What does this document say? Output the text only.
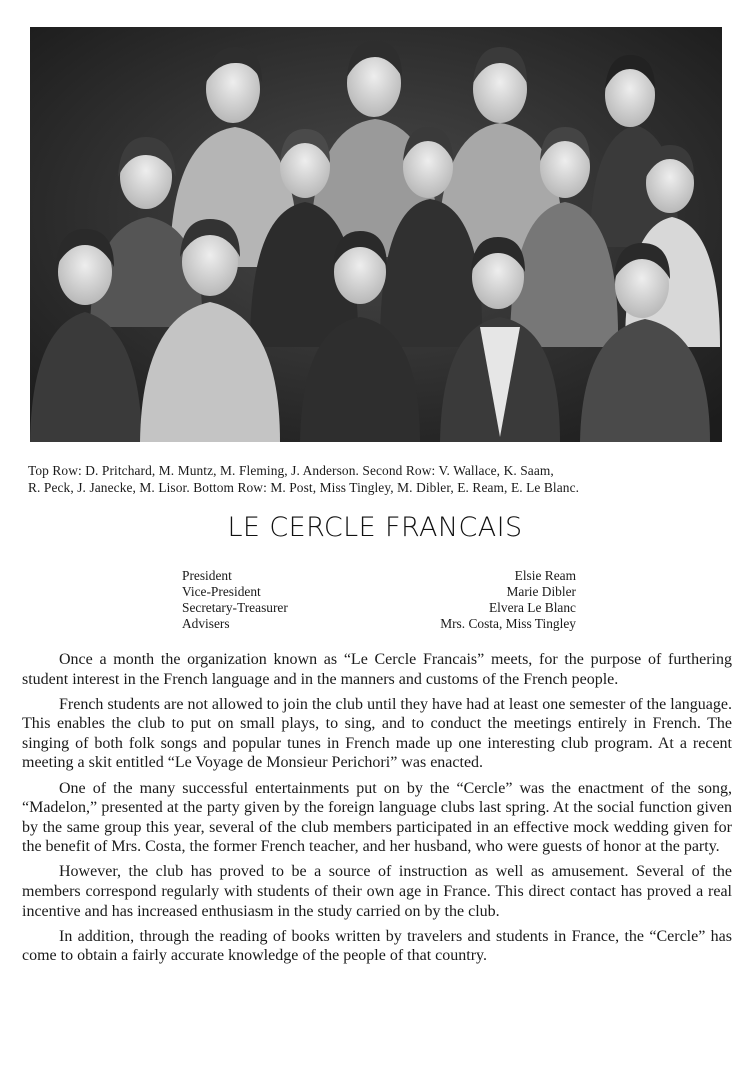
Top Row: D. Pritchard, M. Muntz, M. Fleming, J. Anderson. Second Row: V. Wallace, K. Saam,
R. Peck, J. Janecke, M. Lisor. Bottom Row: M. Post, Miss Tingley, M. Dibler, E. Ream, E. Le Blanc.
LE CERCLE FRANCAIS
President	Elsie Ream
Vice-President	Marie Dibler
Secretary-Treasurer	Elvera Le Blanc
Advisers	Mrs. Costa, Miss Tingley

Once a month the organization known as “Le Cercle Francais” meets, for the purpose of furthering student interest in the French language and in the manners and customs of the French people.

French students are not allowed to join the club until they have had at least one semester of the language. This enables the club to put on small plays, to sing, and to conduct the meetings entirely in French. The singing of both folk songs and popular tunes in French made up one interesting club program. At a recent meeting a skit entitled “Le Voyage de Monsieur Perichori” was enacted.

One of the many successful entertainments put on by the “Cercle” was the enactment of the song, “Madelon,” presented at the party given by the foreign language clubs last spring. At the social function given by the same group this year, several of the club members participated in an effective mock wedding given for the benefit of Mrs. Costa, the former French teacher, and her husband, who were guests of honor at the party.

However, the club has proved to be a source of instruction as well as amusement. Several of the members correspond regularly with students of their own age in France. This direct contact has proved a real incentive and has increased enthusiasm in the study carried on by the club.

In addition, through the reading of books written by travelers and students in France, the “Cercle” has come to obtain a fairly accurate knowledge of the people of that country.
